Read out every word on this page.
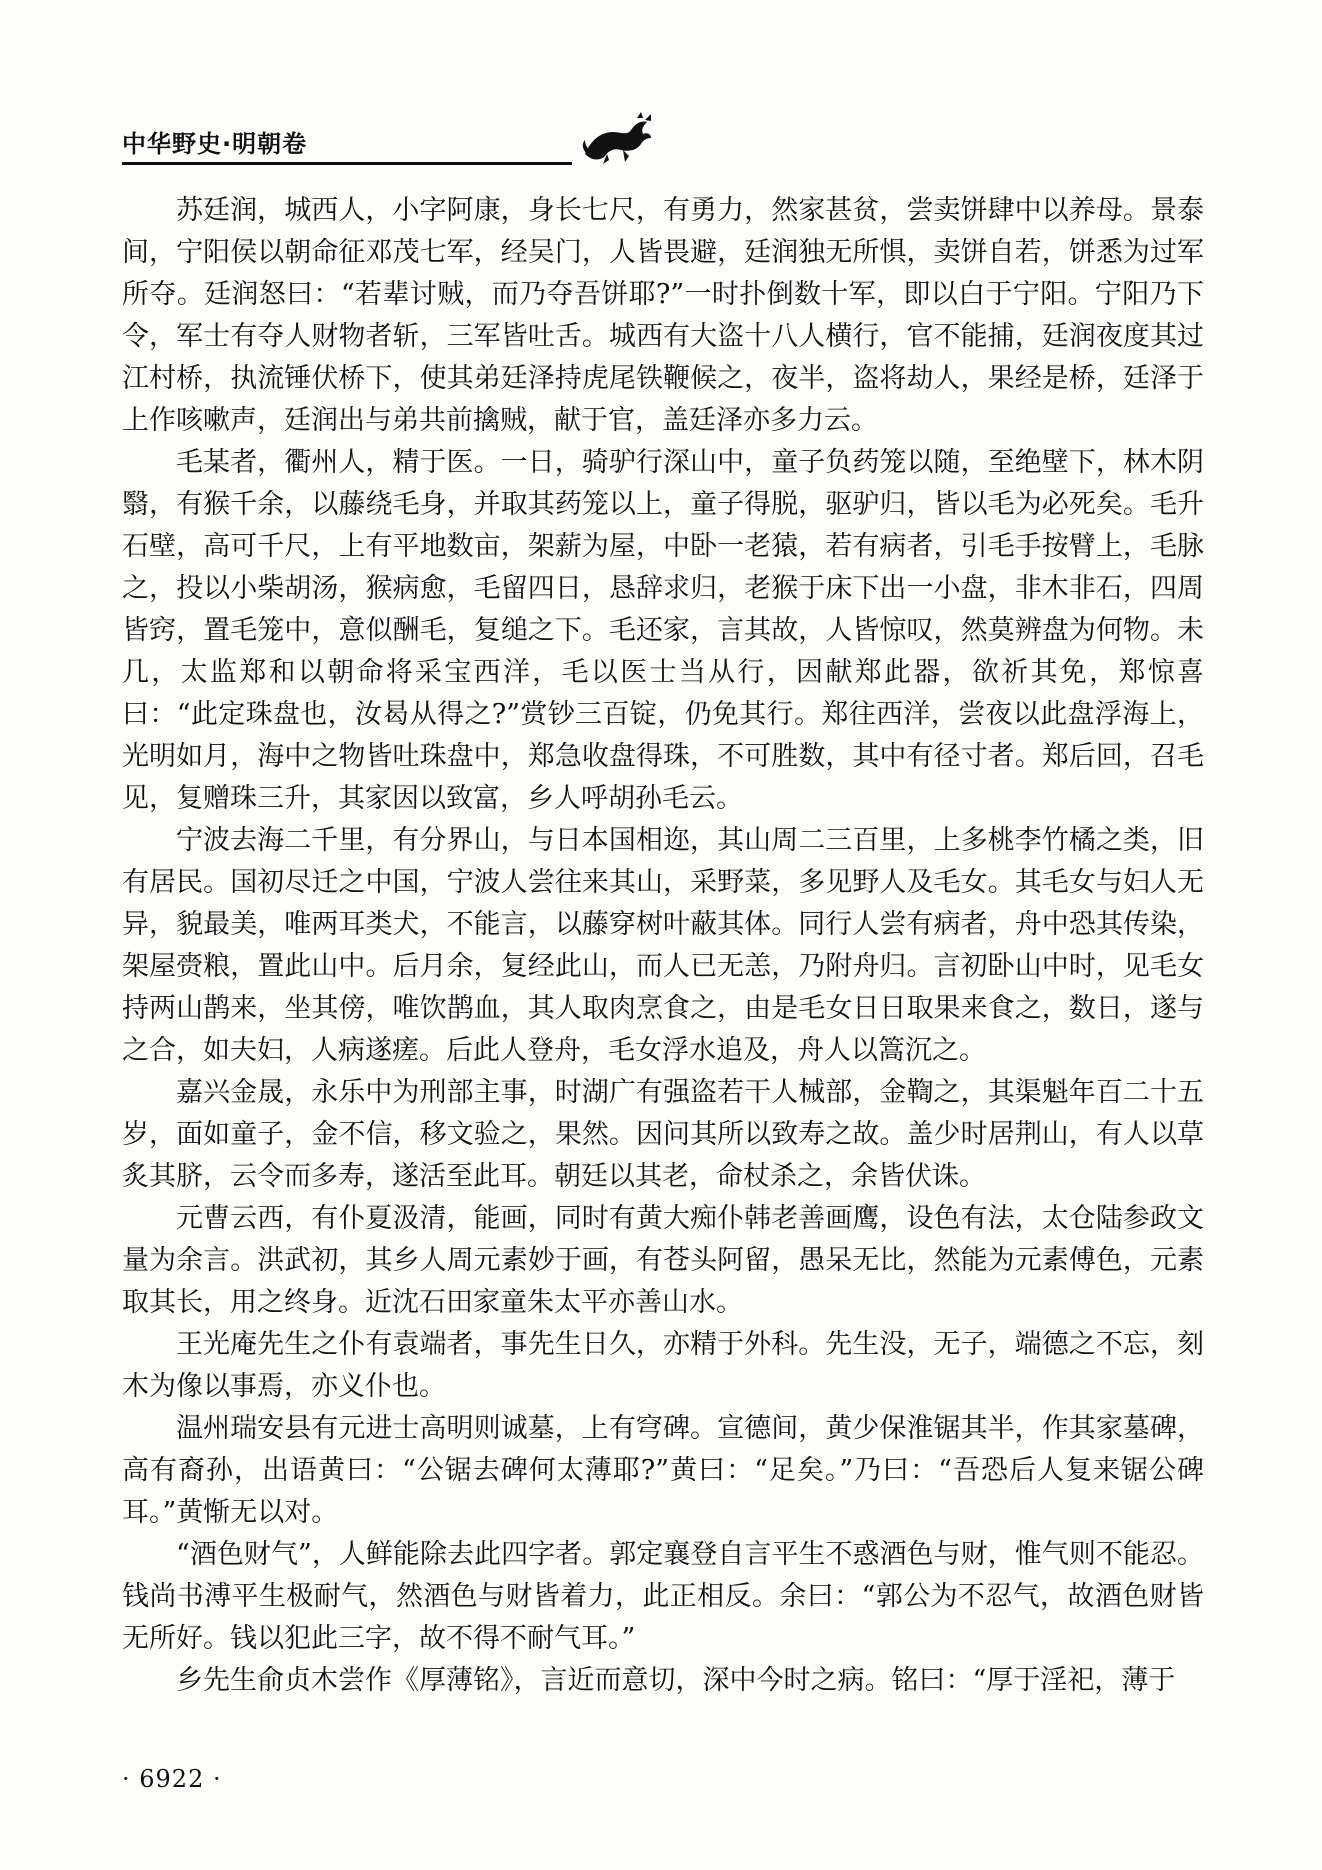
中华野史·明朝卷

苏廷润，城西人，小字阿康，身长七尺，有勇力，然家甚贫，尝卖饼肆中以养母。景泰间，宁阳侯以朝命征邓茂七军，经吴门，人皆畏避，廷润独无所惧，卖饼自若，饼悉为过军所夺。廷润怒曰：“若辈讨贼，而乃夺吾饼耶?”一时扑倒数十军，即以白于宁阳。宁阳乃下令，军士有夺人财物者斩，三军皆吐舌。城西有大盗十八人横行，官不能捕，廷润夜度其过江村桥，执流锤伏桥下，使其弟廷泽持虎尾铁鞭候之，夜半，盗将劫人，果经是桥，廷泽于上作咳嗽声，廷润出与弟共前擒贼，献于官，盖廷泽亦多力云。

毛某者，衢州人，精于医。一日，骑驴行深山中，童子负药笼以随，至绝壁下，林木阴翳，有猴千余，以藤绕毛身，并取其药笼以上，童子得脱，驱驴归，皆以毛为必死矣。毛升石壁，高可千尺，上有平地数亩，架薪为屋，中卧一老猿，若有病者，引毛手按臂上，毛脉之，投以小柴胡汤，猴病愈，毛留四日，恳辞求归，老猴于床下出一小盘，非木非石，四周皆窍，置毛笼中，意似酬毛，复缒之下。毛还家，言其故，人皆惊叹，然莫辨盘为何物。未几，太监郑和以朝命将采宝西洋，毛以医士当从行，因献郑此器，欲祈其免，郑惊喜曰：“此定珠盘也，汝曷从得之?”赏钞三百锭，仍免其行。郑往西洋，尝夜以此盘浮海上，光明如月，海中之物皆吐珠盘中，郑急收盘得珠，不可胜数，其中有径寸者。郑后回，召毛见，复赠珠三升，其家因以致富，乡人呼胡孙毛云。

宁波去海二千里，有分界山，与日本国相迩，其山周二三百里，上多桃李竹橘之类，旧有居民。国初尽迁之中国，宁波人尝往来其山，采野菜，多见野人及毛女。其毛女与妇人无异，貌最美，唯两耳类犬，不能言，以藤穿树叶蔽其体。同行人尝有病者，舟中恐其传染，架屋赍粮，置此山中。后月余，复经此山，而人已无恙，乃附舟归。言初卧山中时，见毛女持两山鹊来，坐其傍，唯饮鹊血，其人取肉烹食之，由是毛女日日取果来食之，数日，遂与之合，如夫妇，人病遂瘥。后此人登舟，毛女浮水追及，舟人以篙沉之。

嘉兴金晟，永乐中为刑部主事，时湖广有强盗若干人械部，金鞫之，其渠魁年百二十五岁，面如童子，金不信，移文验之，果然。因问其所以致寿之故。盖少时居荆山，有人以草炙其脐，云令而多寿，遂活至此耳。朝廷以其老，命杖杀之，余皆伏诛。

元曹云西，有仆夏汲清，能画，同时有黄大痴仆韩老善画鹰，设色有法，太仓陆参政文量为余言。洪武初，其乡人周元素妙于画，有苍头阿留，愚呆无比，然能为元素傅色，元素取其长，用之终身。近沈石田家童朱太平亦善山水。

王光庵先生之仆有袁端者，事先生日久，亦精于外科。先生没，无子，端德之不忘，刻木为像以事焉，亦义仆也。

温州瑞安县有元进士高明则诚墓，上有穹碑。宣德间，黄少保淮锯其半，作其家墓碑，高有裔孙，出语黄曰：“公锯去碑何太薄耶?”黄曰：“足矣。”乃曰：“吾恐后人复来锯公碑耳。”黄惭无以对。

“酒色财气”，人鲜能除去此四字者。郭定襄登自言平生不惑酒色与财，惟气则不能忍。钱尚书溥平生极耐气，然酒色与财皆着力，此正相反。余曰：“郭公为不忍气，故酒色财皆无所好。钱以犯此三字，故不得不耐气耳。”

乡先生俞贞木尝作《厚薄铭》，言近而意切，深中今时之病。铭曰：“厚于淫祀，薄于

· 6922 ·
